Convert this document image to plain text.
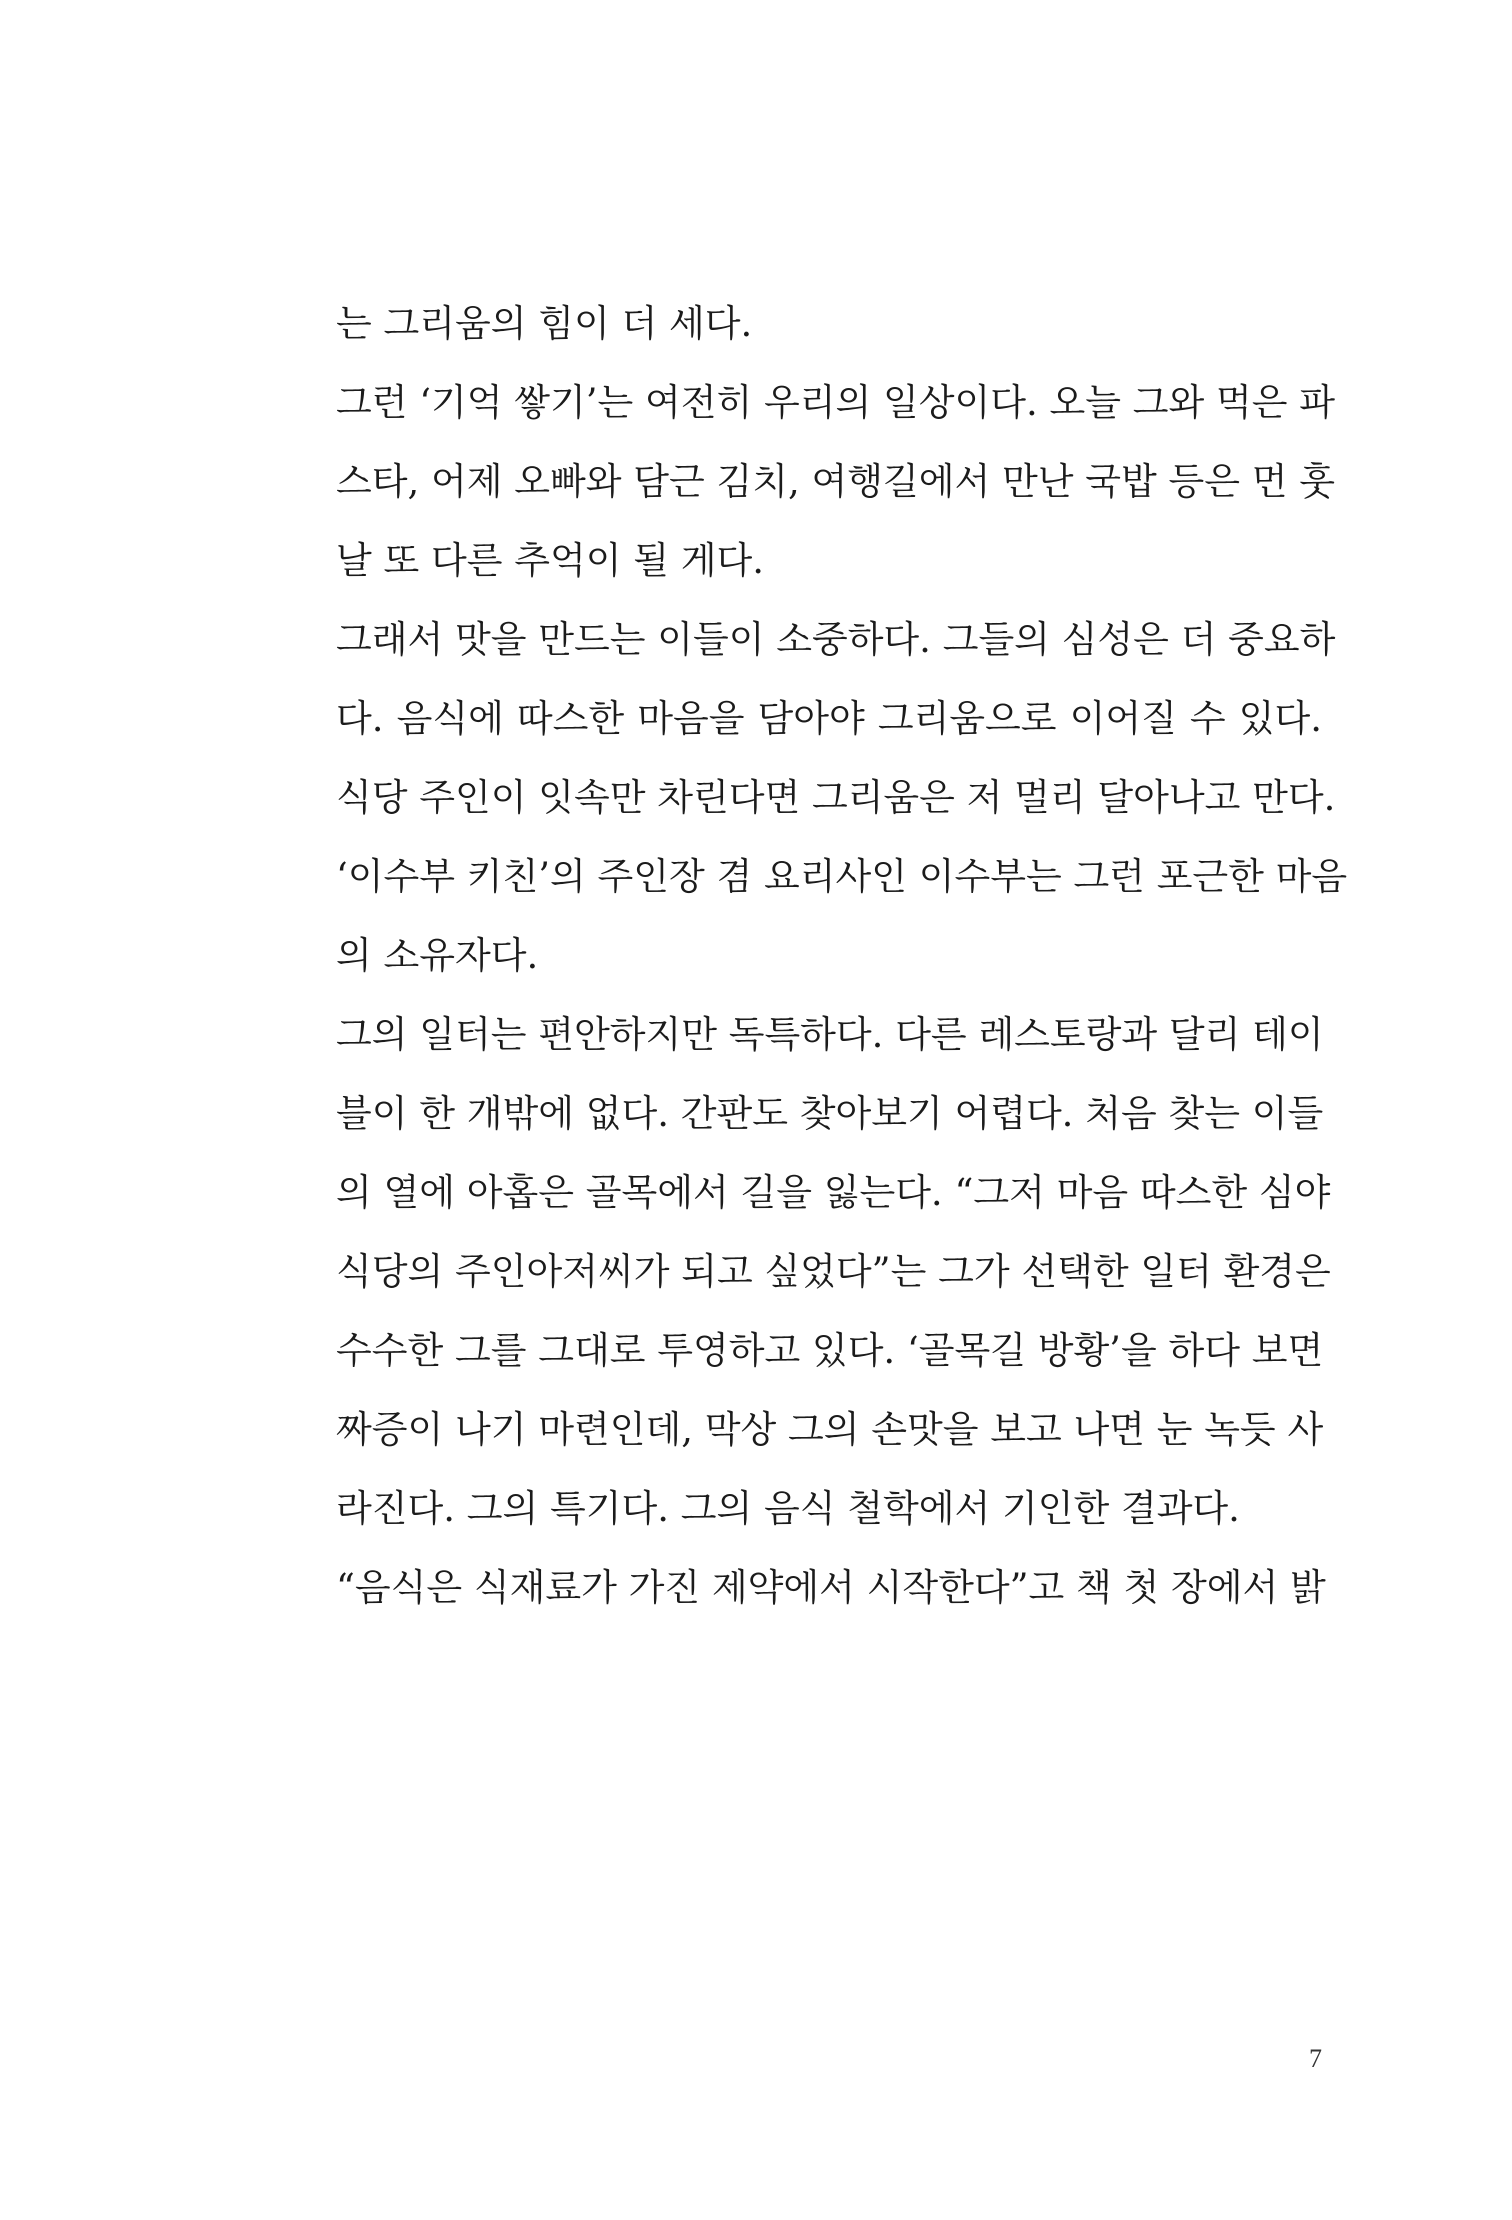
는 그리움의 힘이 더 세다.
그런 ‘기억 쌓기’는 여전히 우리의 일상이다. 오늘 그와 먹은 파
스타, 어제 오빠와 담근 김치, 여행길에서 만난 국밥 등은 먼 훗
날 또 다른 추억이 될 게다.
그래서 맛을 만드는 이들이 소중하다. 그들의 심성은 더 중요하
다. 음식에 따스한 마음을 담아야 그리움으로 이어질 수 있다.
식당 주인이 잇속만 차린다면 그리움은 저 멀리 달아나고 만다.
‘이수부 키친’의 주인장 겸 요리사인 이수부는 그런 포근한 마음
의 소유자다.
그의 일터는 편안하지만 독특하다. 다른 레스토랑과 달리 테이
블이 한 개밖에 없다. 간판도 찾아보기 어렵다. 처음 찾는 이들
의 열에 아홉은 골목에서 길을 잃는다. “그저 마음 따스한 심야
식당의 주인아저씨가 되고 싶었다”는 그가 선택한 일터 환경은
수수한 그를 그대로 투영하고 있다. ‘골목길 방황’을 하다 보면
짜증이 나기 마련인데, 막상 그의 손맛을 보고 나면 눈 녹듯 사
라진다. 그의 특기다. 그의 음식 철학에서 기인한 결과다.
“음식은 식재료가 가진 제약에서 시작한다”고 책 첫 장에서 밝
7
